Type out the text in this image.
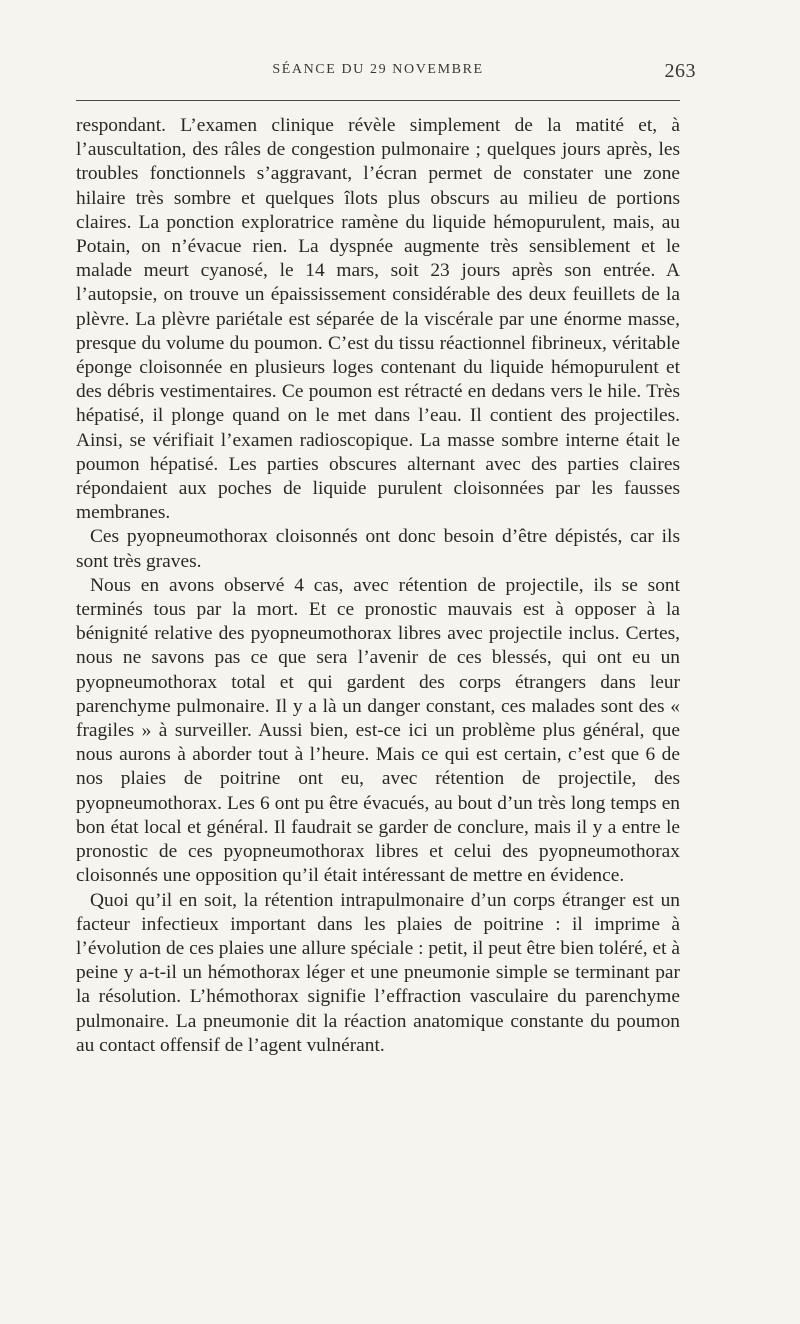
SÉANCE DU 29 NOVEMBRE	263

respondant. L’examen clinique révèle simplement de la matité et, à l’auscultation, des râles de congestion pulmonaire ; quelques jours après, les troubles fonctionnels s’aggravant, l’écran permet de constater une zone hilaire très sombre et quelques îlots plus obscurs au milieu de portions claires. La ponction exploratrice ramène du liquide hémopurulent, mais, au Potain, on n’évacue rien. La dyspnée augmente très sensiblement et le malade meurt cyanosé, le 14 mars, soit 23 jours après son entrée. A l’autopsie, on trouve un épaississement considérable des deux feuillets de la plèvre. La plèvre pariétale est séparée de la viscérale par une énorme masse, presque du volume du poumon. C’est du tissu réactionnel fibrineux, véritable éponge cloisonnée en plusieurs loges contenant du liquide hémopurulent et des débris vestimentaires. Ce poumon est rétracté en dedans vers le hile. Très hépatisé, il plonge quand on le met dans l’eau. Il contient des projectiles. Ainsi, se vérifiait l’examen radioscopique. La masse sombre interne était le poumon hépatisé. Les parties obscures alternant avec des parties claires répondaient aux poches de liquide purulent cloisonnées par les fausses membranes.

Ces pyopneumothorax cloisonnés ont donc besoin d’être dépistés, car ils sont très graves.

Nous en avons observé 4 cas, avec rétention de projectile, ils se sont terminés tous par la mort. Et ce pronostic mauvais est à opposer à la bénignité relative des pyopneumothorax libres avec projectile inclus. Certes, nous ne savons pas ce que sera l’avenir de ces blessés, qui ont eu un pyopneumothorax total et qui gardent des corps étrangers dans leur parenchyme pulmonaire. Il y a là un danger constant, ces malades sont des « fragiles » à surveiller. Aussi bien, est-ce ici un problème plus général, que nous aurons à aborder tout à l’heure. Mais ce qui est certain, c’est que 6 de nos plaies de poitrine ont eu, avec rétention de projectile, des pyopneumothorax. Les 6 ont pu être évacués, au bout d’un très long temps en bon état local et général. Il faudrait se garder de conclure, mais il y a entre le pronostic de ces pyopneumothorax libres et celui des pyopneumothorax cloisonnés une opposition qu’il était intéressant de mettre en évidence.

Quoi qu’il en soit, la rétention intrapulmonaire d’un corps étranger est un facteur infectieux important dans les plaies de poitrine : il imprime à l’évolution de ces plaies une allure spéciale : petit, il peut être bien toléré, et à peine y a-t-il un hémothorax léger et une pneumonie simple se terminant par la résolution. L’hémothorax signifie l’effraction vasculaire du parenchyme pulmonaire. La pneumonie dit la réaction anatomique constante du poumon au contact offensif de l’agent vulnérant.
